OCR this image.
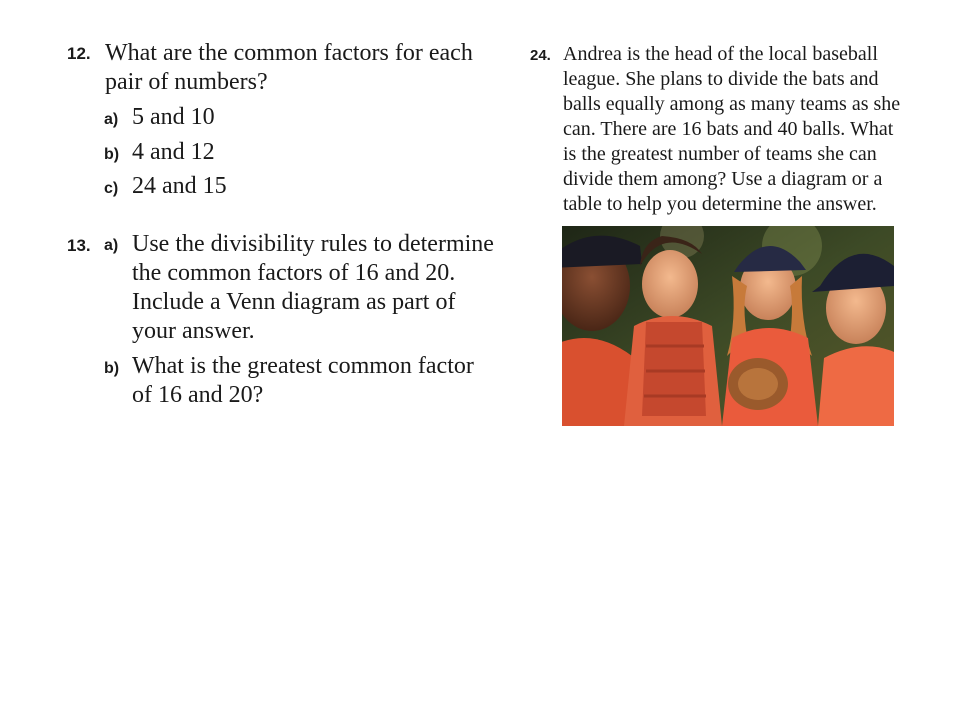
12. What are the common factors for each
pair of numbers?
a) 5 and 10
b) 4 and 12
c) 24 and 15
13. a) Use the divisibility rules to determine
the common factors of 16 and 20.
Include a Venn diagram as part of
your answer.
b) What is the greatest common factor
of 16 and 20?
24. Andrea is the head of the local baseball
league. She plans to divide the bats and
balls equally among as many teams as she
can. There are 16 bats and 40 balls. What
is the greatest number of teams she can
divide them among? Use a diagram or a
table to help you determine the answer.
